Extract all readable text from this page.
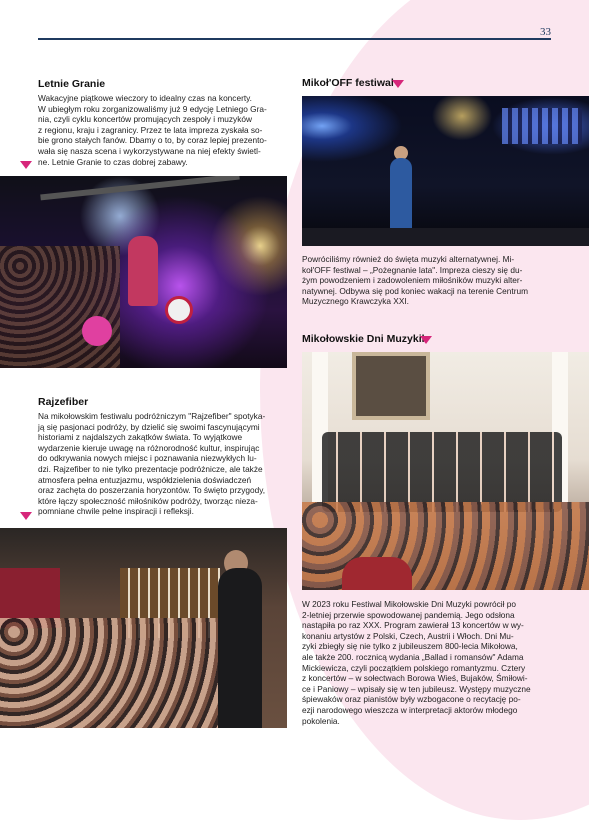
33
Letnie Granie
Wakacyjne piątkowe wieczory to idealny czas na koncerty.
W ubiegłym roku zorganizowaliśmy już 9 edycję Letniego Gra-
nia, czyli cyklu koncertów promujących zespoły i muzyków
z regionu, kraju i zagranicy. Przez te lata impreza zyskała so-
bie grono stałych fanów. Dbamy o to, by coraz lepiej prezento-
wała się nasza scena i wykorzystywane na niej efekty świetl-
ne. Letnie Granie to czas dobrej zabawy.
Mikoł'OFF festiwal
Powróciliśmy również do święta muzyki alternatywnej. Mi-
koł'OFF festiwal – „Pożegnanie lata". Impreza cieszy się du-
żym powodzeniem i zadowoleniem miłośników muzyki alter-
natywnej. Odbywa się pod koniec wakacji na terenie Centrum
Muzycznego Krawczyka XXI.
Mikołowskie Dni Muzykil
W 2023 roku Festiwal Mikołowskie Dni Muzyki powrócił po
2-letniej przerwie spowodowanej pandemią. Jego odsłona
nastąpiła po raz XXX. Program zawierał 13 koncertów w wy-
konaniu artystów z Polski, Czech, Austrii i Włoch. Dni Mu-
zyki zbiegły się nie tylko z jubileuszem 800-lecia Mikołowa,
ale także 200. rocznicą wydania „Ballad i romansów" Adama
Mickiewicza, czyli początkiem polskiego romantyzmu. Cztery
z koncertów – w sołectwach Borowa Wieś, Bujaków, Śmiłowi-
ce i Paniowy – wpisały się w ten jubileusz. Występy muzyczne
śpiewaków oraz pianistów były wzbogacone o recytację po-
ezji narodowego wieszcza w interpretacji aktorów młodego
pokolenia.
Rajzefiber
Na mikołowskim festiwalu podróżniczym "Rajzefiber" spotyka-
ją się pasjonaci podróży, by dzielić się swoimi fascynującymi
historiami z najdalszych zakątków świata. To wyjątkowe
wydarzenie kieruje uwagę na różnorodność kultur, inspirując
do odkrywania nowych miejsc i poznawania niezwykłych lu-
dzi. Rajzefiber to nie tylko prezentacje podróżnicze, ale także
atmosfera pełna entuzjazmu, współdzielenia doświadczeń
oraz zachęta do poszerzania horyzontów. To święto przygody,
które łączy społeczność miłośników podróży, tworząc nieza-
pomniane chwile pełne inspiracji i refleksji.
